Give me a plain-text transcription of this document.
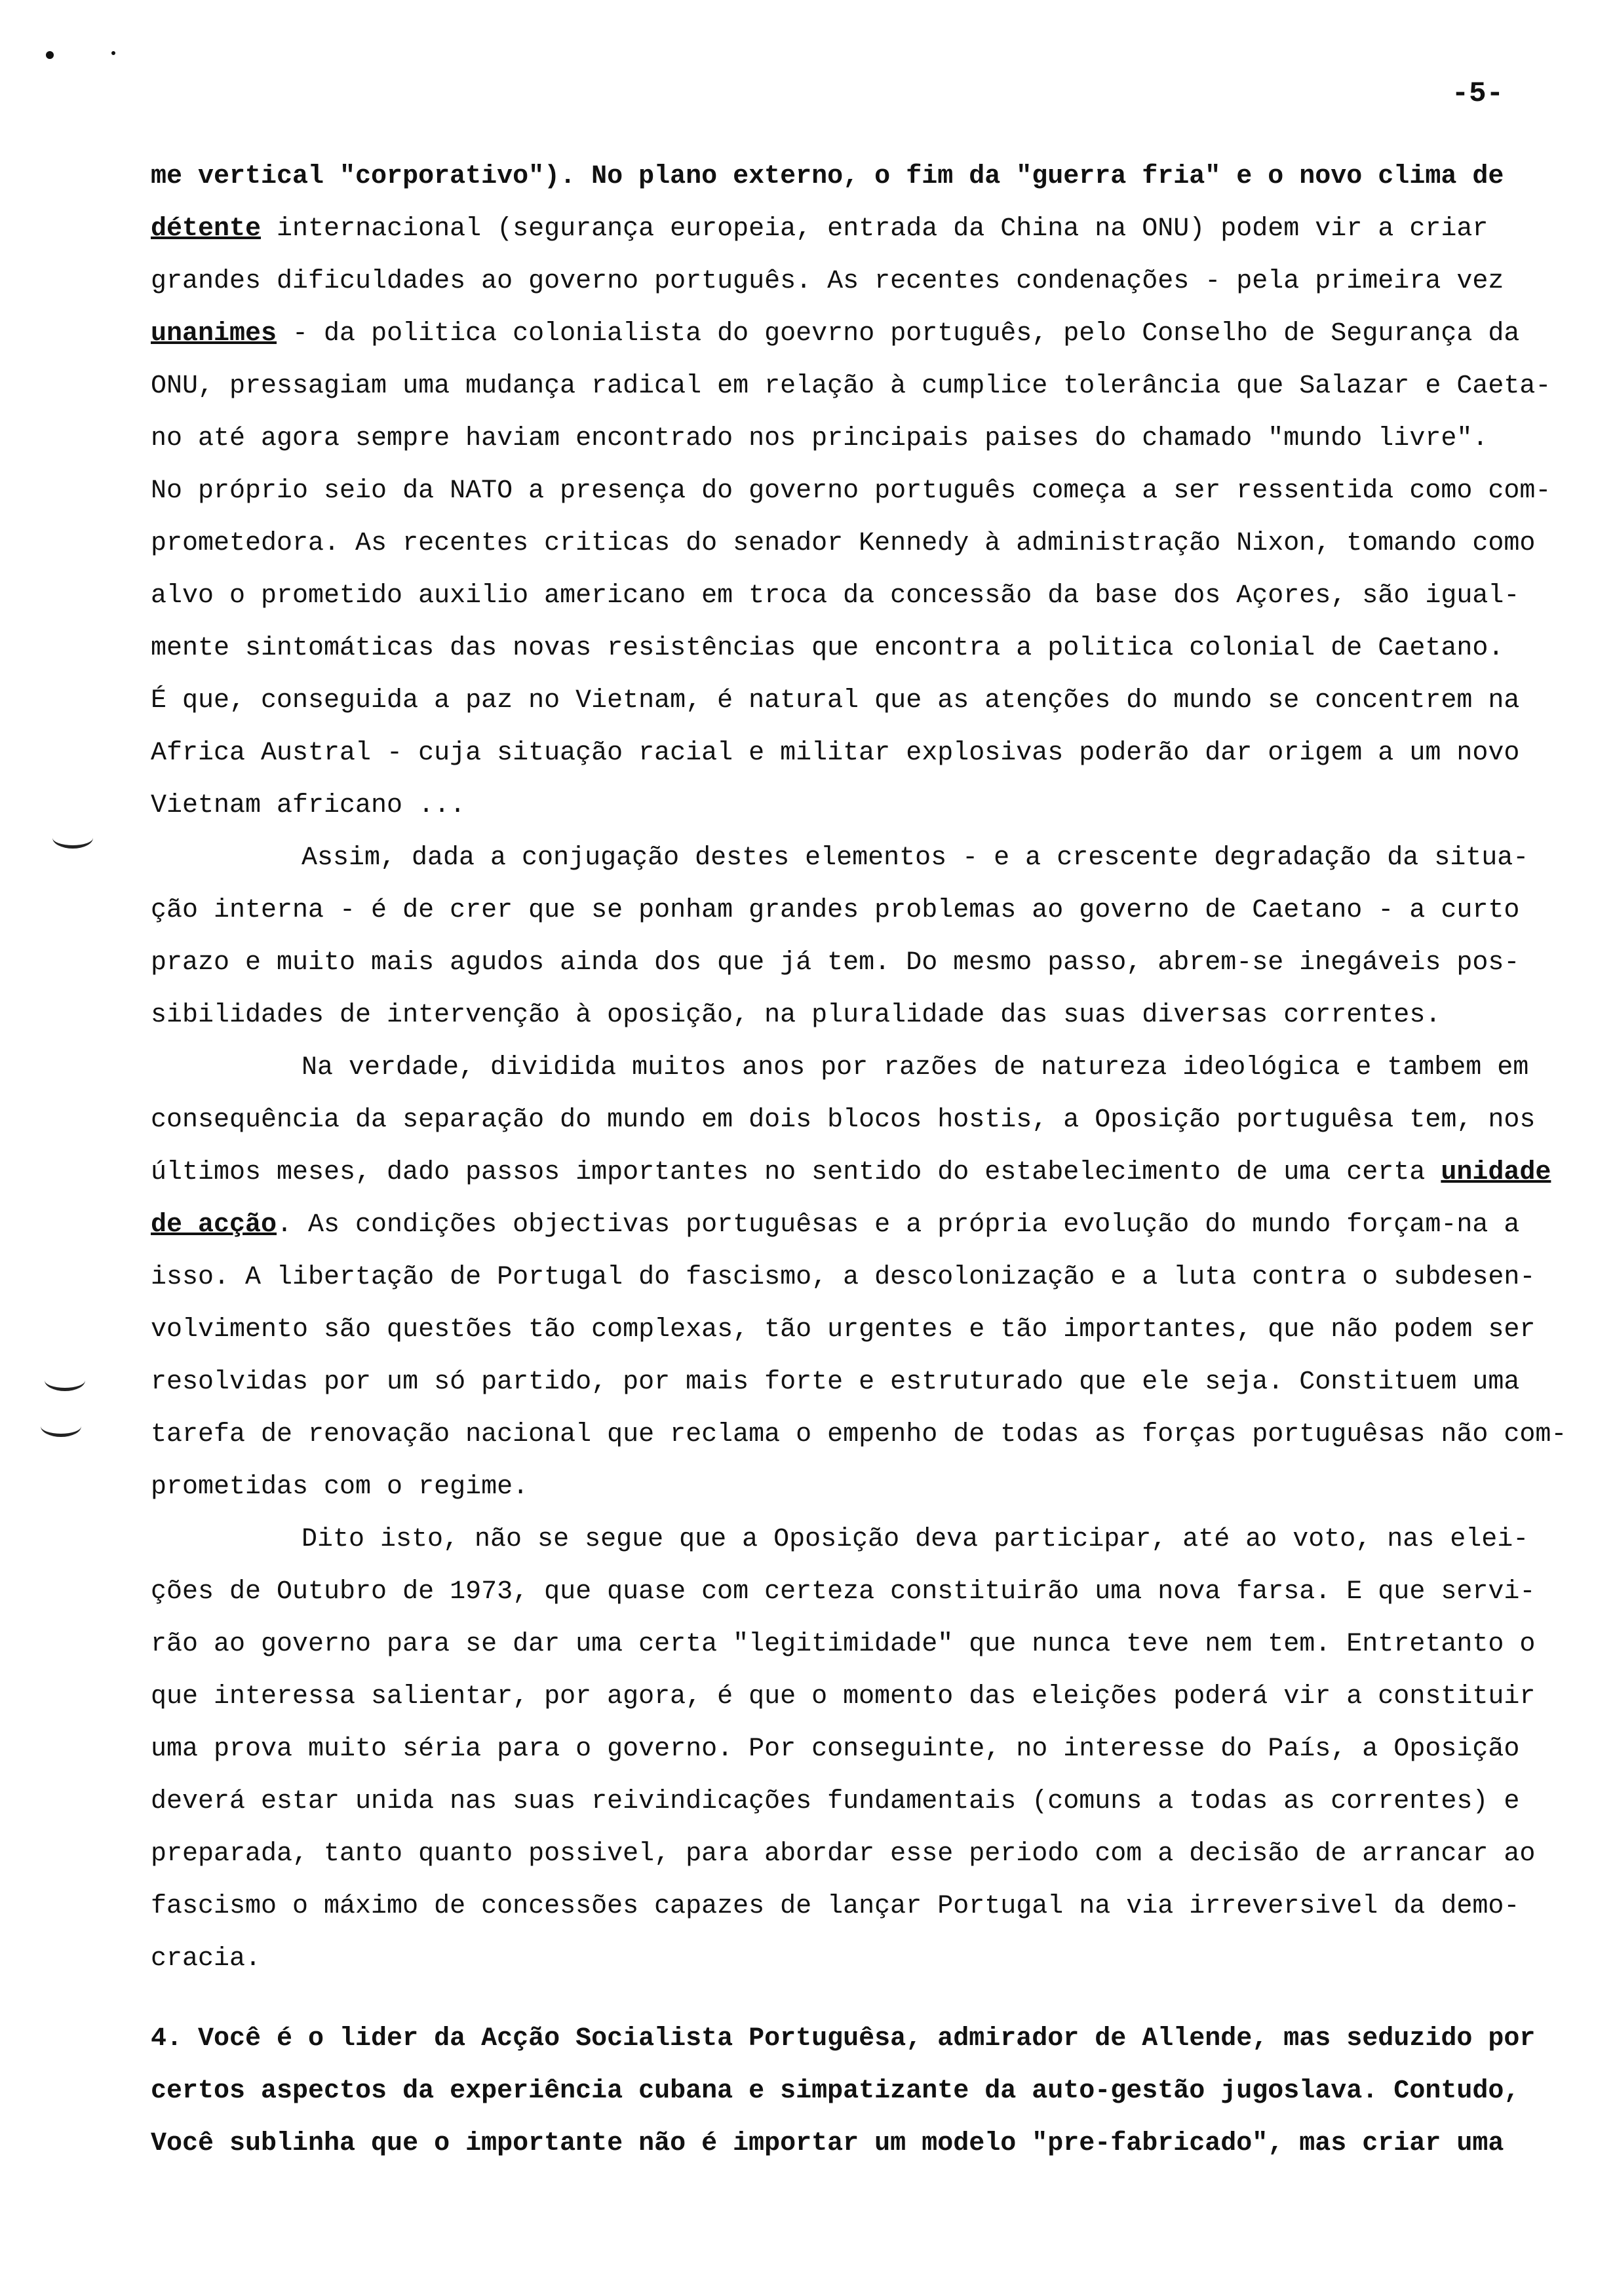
-5-
me vertical "corporativo"). No plano externo, o fim da "guerra fria" e o novo clima de
détente internacional (segurança europeia, entrada da China na ONU) podem vir a criar
grandes dificuldades ao governo português. As recentes condenações - pela primeira vez
unanimes - da politica colonialista do goevrno português, pelo Conselho de Segurança da
ONU, pressagiam uma mudança radical em relação à cumplice tolerância que Salazar e Caeta-
no até agora sempre haviam encontrado nos principais paises do chamado "mundo livre".
No próprio seio da NATO a presença do governo português começa a ser ressentida como com-
prometedora. As recentes criticas do senador Kennedy à administração Nixon, tomando como
alvo o prometido auxilio americano em troca da concessão da base dos Açores, são igual-
mente sintomáticas das novas resistências que encontra a politica colonial de Caetano.
É que, conseguida a paz no Vietnam, é natural que as atenções do mundo se concentrem na
Africa Austral - cuja situação racial e militar explosivas poderão dar origem a um novo
Vietnam africano ...
Assim, dada a conjugação destes elementos - e a crescente degradação da situa-
ção interna - é de crer que se ponham grandes problemas ao governo de Caetano - a curto
prazo e muito mais agudos ainda dos que já tem. Do mesmo passo, abrem-se inegáveis pos-
sibilidades de intervenção à oposição, na pluralidade das suas diversas correntes.
Na verdade, dividida muitos anos por razões de natureza ideológica e tambem em
consequência da separação do mundo em dois blocos hostis, a Oposição portuguêsa tem, nos
últimos meses, dado passos importantes no sentido do estabelecimento de uma certa unidade
de acção. As condições objectivas portuguêsas e a própria evolução do mundo forçam-na a
isso. A libertação de Portugal do fascismo, a descolonização e a luta contra o subdesen-
volvimento são questões tão complexas, tão urgentes e tão importantes, que não podem ser
resolvidas por um só partido, por mais forte e estruturado que ele seja. Constituem uma
tarefa de renovação nacional que reclama o empenho de todas as forças portuguêsas não com-
prometidas com o regime.
Dito isto, não se segue que a Oposição deva participar, até ao voto, nas elei-
ções de Outubro de 1973, que quase com certeza constituirão uma nova farsa. E que servi-
rão ao governo para se dar uma certa "legitimidade" que nunca teve nem tem. Entretanto o
que interessa salientar, por agora, é que o momento das eleições poderá vir a constituir
uma prova muito séria para o governo. Por conseguinte, no interesse do País, a Oposição
deverá estar unida nas suas reivindicações fundamentais (comuns a todas as correntes) e
preparada, tanto quanto possivel, para abordar esse periodo com a decisão de arrancar ao
fascismo o máximo de concessões capazes de lançar Portugal na via irreversivel da demo-
cracia.
4. Você é o lider da Acção Socialista Portuguêsa, admirador de Allende, mas seduzido por
certos aspectos da experiência cubana e simpatizante da auto-gestão jugoslava. Contudo,
Você sublinha que o importante não é importar um modelo "pre-fabricado", mas criar uma
